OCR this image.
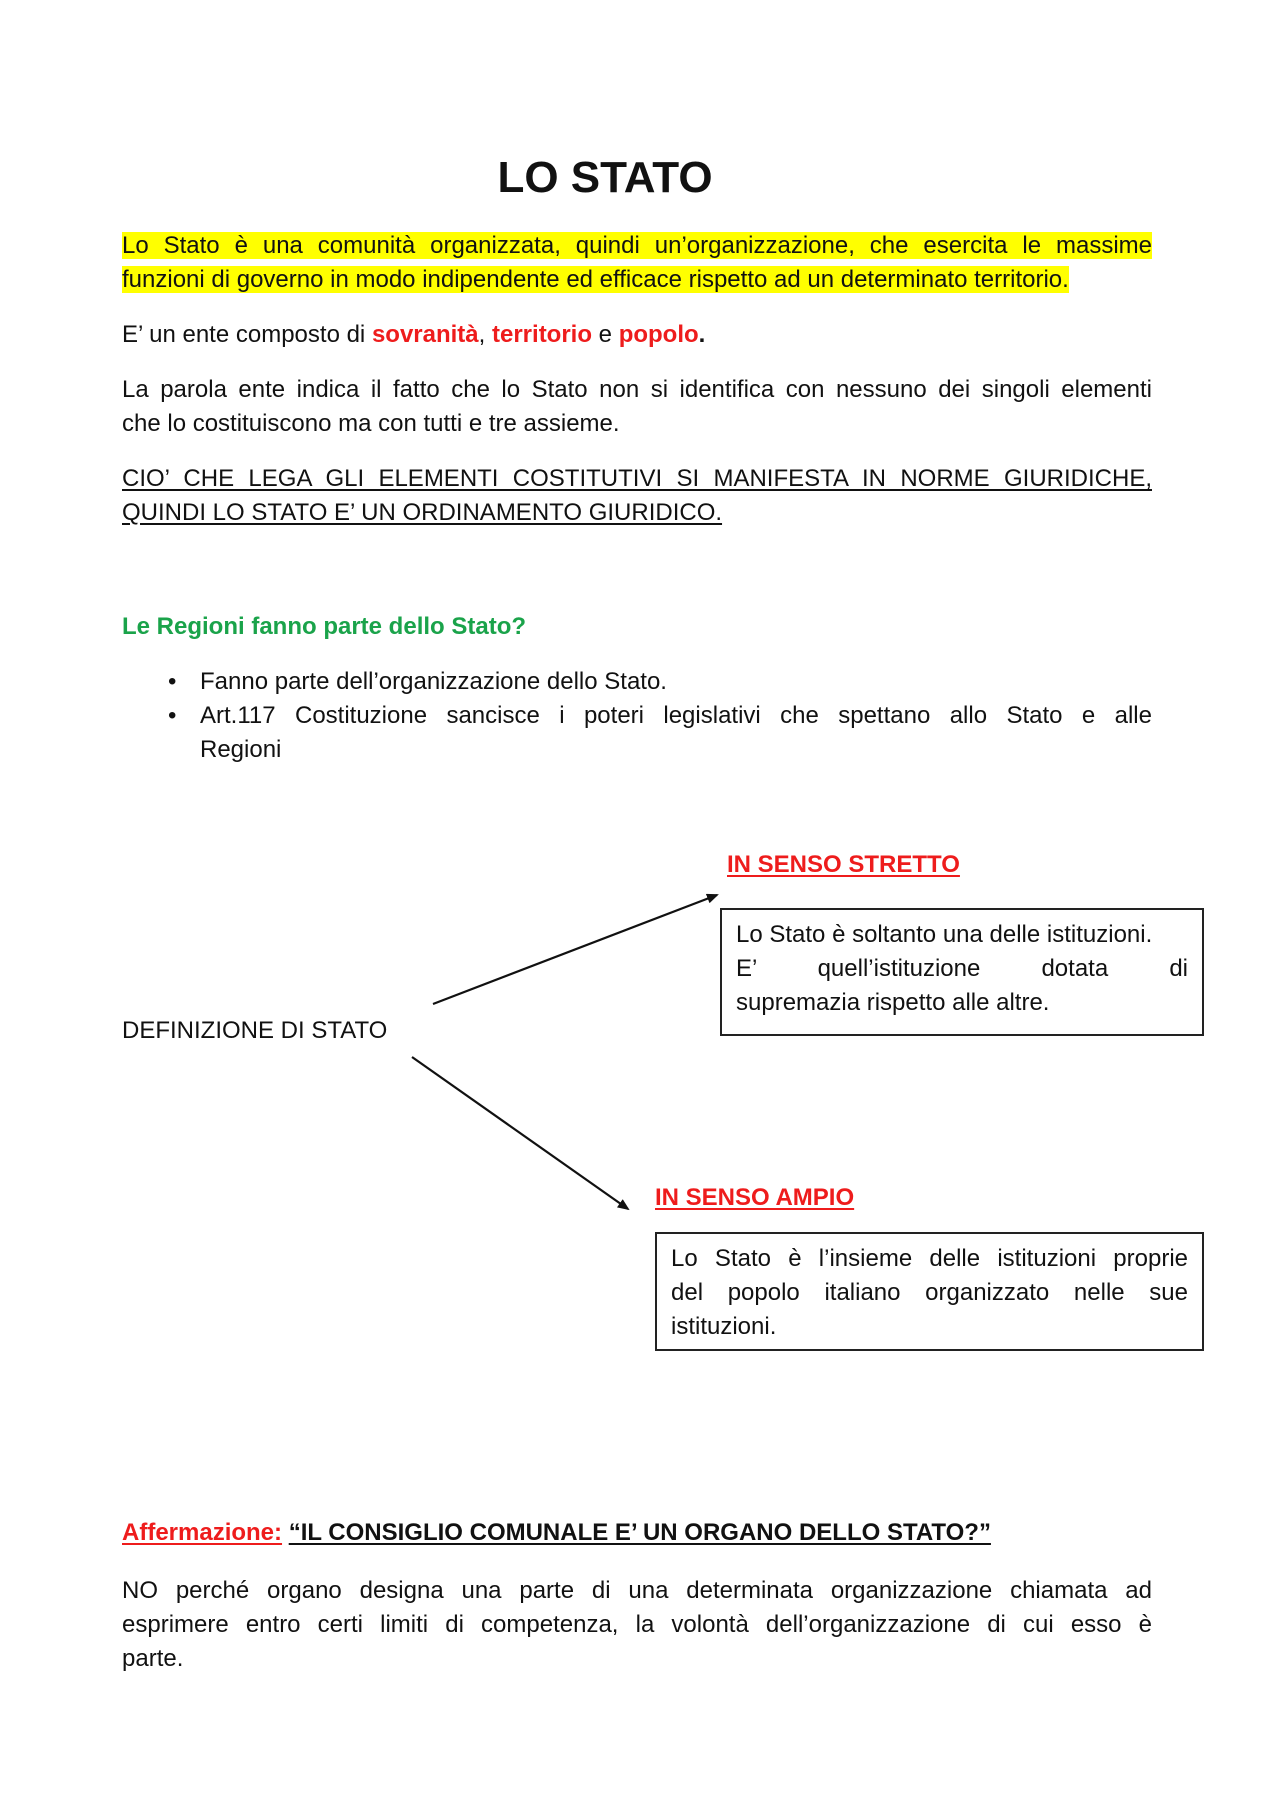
LO STATO
Lo Stato è una comunità organizzata, quindi un’organizzazione, che esercita le massime
funzioni di governo in modo indipendente ed efficace rispetto ad un determinato territorio.
E’ un ente composto di sovranità, territorio e popolo.
La parola ente indica il fatto che lo Stato non si identifica con nessuno dei singoli elementi
che lo costituiscono ma con tutti e tre assieme.
CIO’ CHE LEGA GLI ELEMENTI COSTITUTIVI SI MANIFESTA IN NORME GIURIDICHE,
QUINDI LO STATO E’ UN ORDINAMENTO GIURIDICO.
Le Regioni fanno parte dello Stato?
• Fanno parte dell’organizzazione dello Stato.
• Art.117 Costituzione sancisce i poteri legislativi che spettano allo Stato e alle
Regioni
DEFINIZIONE DI STATO
IN SENSO STRETTO
Lo Stato è soltanto una delle istituzioni.
E’ quell’istituzione dotata di
supremazia rispetto alle altre.
IN SENSO AMPIO
Lo Stato è l’insieme delle istituzioni proprie
del popolo italiano organizzato nelle sue
istituzioni.
Affermazione: “IL CONSIGLIO COMUNALE E’ UN ORGANO DELLO STATO?”
NO perché organo designa una parte di una determinata organizzazione chiamata ad
esprimere entro certi limiti di competenza, la volontà dell’organizzazione di cui esso è
parte.
